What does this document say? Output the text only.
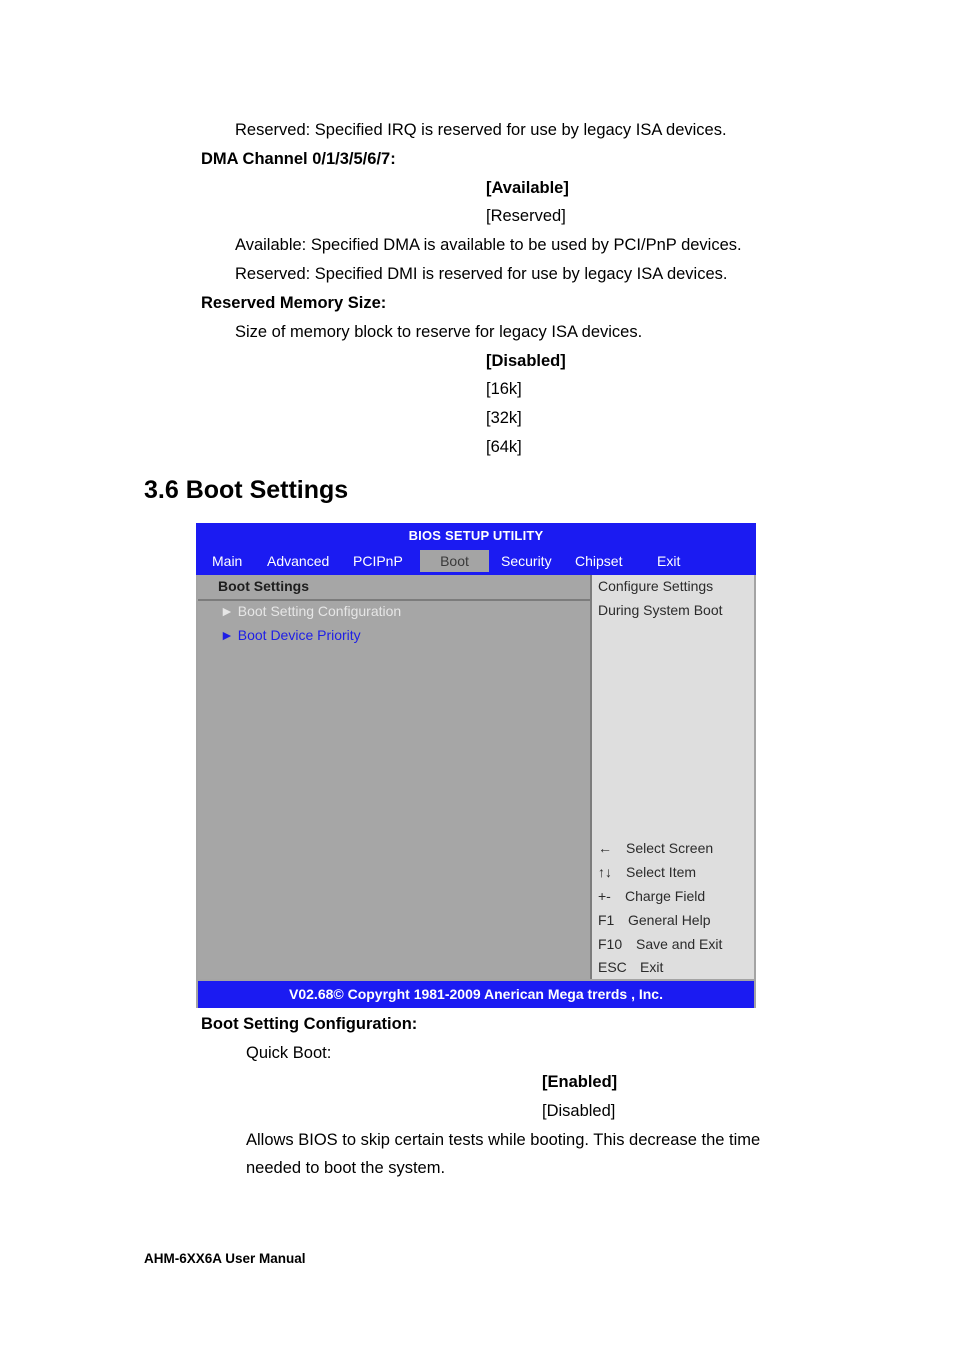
Reserved: Specified IRQ is reserved for use by legacy ISA devices.
DMA Channel 0/1/3/5/6/7:
[Available]
[Reserved]
Available: Specified DMA is available to be used by PCI/PnP devices.
Reserved: Specified DMI is reserved for use by legacy ISA devices.
Reserved Memory Size:
Size of memory block to reserve for legacy ISA devices.
[Disabled]
[16k]
[32k]
[64k]
3.6 Boot Settings
BIOS SETUP UTILITY
Main Advanced PCIPnP	Boot	Security Chipset Exit
Boot Settings
► Boot Setting Configuration
► Boot Device Priority
Configure Settings
During System Boot
← Select Screen
↑↓ Select Item
+- Charge Field
F1 General Help
F10 Save and Exit
ESC Exit
V02.68© Copyrght 1981-2009 Anerican Mega trerds , Inc.
Boot Setting Configuration:
Quick Boot:
[Enabled]
[Disabled]
Allows BIOS to skip certain tests while booting. This decrease the time
needed to boot the system.
AHM-6XX6A User Manual
